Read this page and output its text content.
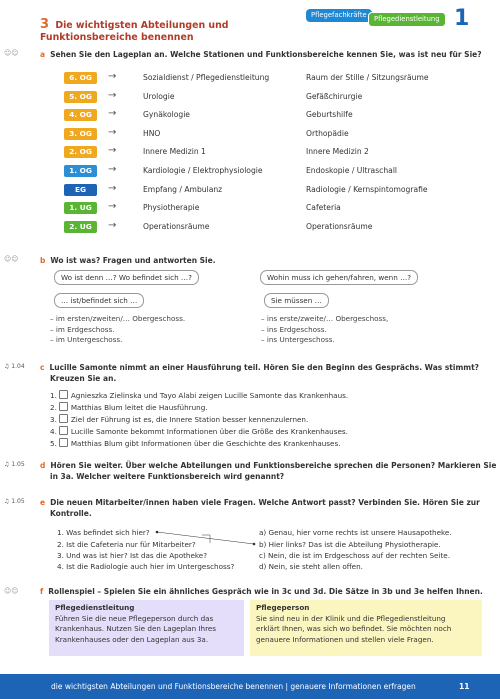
3 Die wichtigsten Abteilungen und
Funktionsbereiche benennen
Pflegefachkräfte	Pflegedienstleitung 1
☺☺
☺☺
☺☺
a Sehen Sie den Lageplan an. Welche Stationen und Funktionsbereiche kennen Sie, was ist neu für Sie?
6. OG	→	Sozialdienst / Pflegedienstleitung	Raum der Stille / Sitzungsräume
5. OG	→	Urologie	Gefäßchirurgie
4. OG	→	Gynäkologie	Geburtshilfe
3. OG	→	HNO	Orthopädie
2. OG	→	Innere Medizin 1	Innere Medizin 2
1. OG	→	Kardiologie / Elektrophysiologie	Endoskopie / Ultraschall
EG	→	Empfang / Ambulanz	Radiologie / Kernspintomografie
1. UG	→	Physiotherapie	Cafeteria
2. UG	→	Operationsräume	Operationsräume
b Wo ist was? Fragen und antworten Sie.
Wo ist denn …? Wo befindet sich …?	Wohin muss ich gehen/fahren, wenn …?
… ist/befindet sich …	Sie müssen …
– im ersten/zweiten/… Obergeschoss.
– im Erdgeschoss.
– im Untergeschoss.
– ins erste/zweite/… Obergeschoss,
– ins Erdgeschoss.
– ins Untergeschoss.
♫ 1.04 c Lucille Samonte nimmt an einer Hausführung teil. Hören Sie den Beginn des Gesprächs. Was stimmt?
Kreuzen Sie an.
1. Agnieszka Zielinska und Tayo Alabi zeigen Lucille Samonte das Krankenhaus.
2. Matthias Blum leitet die Hausführung.
3. Ziel der Führung ist es, die Innere Station besser kennenzulernen.
4. Lucille Samonte bekommt Informationen über die Größe des Krankenhauses.
5. Matthias Blum gibt Informationen über die Geschichte des Krankenhauses.
♫ 1.05 d Hören Sie weiter. Über welche Abteilungen und Funktionsbereiche sprechen die Personen? Markieren Sie
in 3a. Welcher weitere Funktionsbereich wird genannt?
♫ 1.05 e Die neuen Mitarbeiter/innen haben viele Fragen. Welche Antwort passt? Verbinden Sie. Hören Sie zur
Kontrolle.
1. Was befindet sich hier?
2. Ist die Cafeteria nur für Mitarbeiter?
3. Und was ist hier? Ist das die Apotheke?
4. Ist die Radiologie auch hier im Untergeschoss?
a) Genau, hier vorne rechts ist unsere Hausapotheke.
b) Hier links? Das ist die Abteilung Physiotherapie.
c) Nein, die ist im Erdgeschoss auf der rechten Seite.
d) Nein, sie steht allen offen.
f Rollenspiel – Spielen Sie ein ähnliches Gespräch wie in 3c und 3d. Die Sätze in 3b und 3e helfen Ihnen.
Pflegedienstleitung
Führen Sie die neue Pflegeperson durch das
Krankenhaus. Nutzen Sie den Lageplan Ihres
Krankenhauses oder den Lageplan aus 3a.
Pflegeperson
Sie sind neu in der Klinik und die Pflegedienstleitung
erklärt Ihnen, was sich wo befindet. Sie möchten noch
genauere Informationen und stellen viele Fragen.
die wichtigsten Abteilungen und Funktionsbereiche benennen | genauere Informationen erfragen	11
